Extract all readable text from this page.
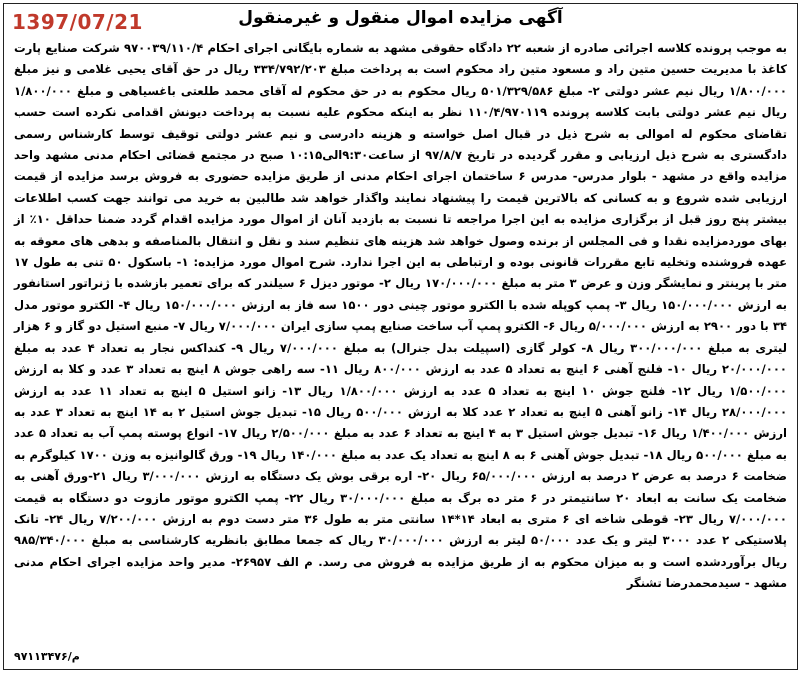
1397/07/21	آگهی مزایده اموال منقول و غیرمنقول

به موجب پرونده کلاسه اجرائی صادره از شعبه ۲۲ دادگاه حقوقی مشهد به شماره بایگانی اجرای احکام ۹۷۰۰۳۹/۱۱۰/۴ شرکت صنایع پارت کاغذ با مدیریت حسین متین راد و مسعود متین راد محکوم است به پرداخت مبلغ ۳۳۴/۷۹۲/۲۰۳ ریال در حق آقای یحیی غلامی و نیز مبلغ ۱/۸۰۰/۰۰۰ ریال نیم عشر دولتی ۲- مبلغ ۵۰۱/۳۲۹/۵۸۶ ریال محکوم به در حق محکوم له آقای محمد طلعتی باغسیاهی و مبلغ ۱/۸۰۰/۰۰۰ ریال نیم عشر دولتی بابت کلاسه پرونده ۱۱۰/۴/۹۷۰۱۱۹ نظر به اینکه محکوم علیه نسبت به پرداخت دیونش اقدامی نکرده است حسب تقاضای محکوم له اموالی به شرح ذیل در قبال اصل خواسته و هزینه دادرسی و نیم عشر دولتی توقیف توسط کارشناس رسمی دادگستری به شرح ذیل ارزیابی و مقرر گردیده در تاریخ ۹۷/۸/۷ از ساعت۹:۳۰الی۱۰:۱۵ صبح در مجتمع قضائی احکام مدنی مشهد واحد مزایده واقع در مشهد - بلوار مدرس- مدرس ۶ ساختمان اجرای احکام مدنی از طریق مزایده حضوری به فروش برسد مزایده از قیمت ارزیابی شده شروع و به کسانی که بالاترین قیمت را پیشنهاد نمایند واگذار خواهد شد طالبین به خرید می توانند جهت کسب اطلاعات بیشتر پنج روز قبل از برگزاری مزایده به این اجرا مراجعه تا نسبت به بازدید آنان از اموال مورد مزایده اقدام گردد ضمنا حداقل ۱۰٪ از بهای موردمزایده نقدا و فی المجلس از برنده وصول خواهد شد هزینه های تنظیم سند و نقل و انتقال بالمناصفه و بدهی های معوقه به عهده فروشنده وتخلیه تابع مقررات قانونی بوده و ارتباطی به این اجرا ندارد. شرح اموال مورد مزایده: ۱- باسکول ۵۰ تنی به طول ۱۷ متر با پرینتر و نمایشگر وزن و عرض ۳ متر به مبلغ ۱۷۰/۰۰۰/۰۰۰ ریال ۲- موتور دیزل ۶ سیلندر که برای تعمیر بازشده با ژنراتور استانفور به ارزش ۱۵۰/۰۰۰/۰۰۰ ریال ۳- پمپ کوپله شده با الکترو موتور چینی دور ۱۵۰۰ سه فاز به ارزش ۱۵۰/۰۰۰/۰۰۰ ریال ۴- الکترو موتور مدل ۳۴ با دور ۲۹۰۰ به ارزش ۵/۰۰۰/۰۰۰ ریال ۶- الکترو پمپ آب ساخت صنایع پمپ سازی ایران ۷/۰۰۰/۰۰۰ ریال ۷- منبع استیل دو گاز و ۶ هزار لیتری به مبلغ ۳۰۰/۰۰۰/۰۰۰ ریال ۸- کولر گازی (اسپیلت بدل جنرال) به مبلغ ۷/۰۰۰/۰۰۰ ریال ۹- کنداکس نجار به تعداد ۴ عدد به مبلغ ۲۰/۰۰۰/۰۰۰ ریال ۱۰- فلنج آهنی ۶ اینچ به تعداد ۵ عدد به ارزش ۸۰۰/۰۰۰ ریال ۱۱- سه راهی جوش ۸ اینچ به تعداد ۳ عدد و کلا به ارزش ۱/۵۰۰/۰۰۰ ریال ۱۲- فلنج جوش ۱۰ اینچ به تعداد ۵ عدد به ارزش ۱/۸۰۰/۰۰۰ ریال ۱۳- زانو استیل ۵ اینچ به تعداد ۱۱ عدد به ارزش ۲۸/۰۰۰/۰۰۰ ریال ۱۴- زانو آهنی ۵ اینچ به تعداد ۲ عدد کلا به ارزش ۵۰۰/۰۰۰ ریال ۱۵- تبدیل جوش استیل ۲ به ۱۴ اینچ به تعداد ۳ عدد به ارزش ۱/۴۰۰/۰۰۰ ریال ۱۶- تبدیل جوش استیل ۳ به ۴ اینچ به تعداد ۶ عدد به مبلغ ۲/۵۰۰/۰۰۰ ریال ۱۷- انواع پوسته پمپ آب به تعداد ۵ عدد به مبلغ ۵۰۰/۰۰۰ ریال ۱۸- تبدیل جوش آهنی ۶ به ۸ اینچ به تعداد یک عدد به مبلغ ۱۴۰/۰۰۰ ریال ۱۹- ورق گالوانیزه به وزن ۱۷۰۰ کیلوگرم به ضخامت ۶ درصد به عرض ۲ درصد به ارزش ۶۵/۰۰۰/۰۰۰ ریال ۲۰- اره برقی بوش یک دستگاه به ارزش ۳/۰۰۰/۰۰۰ ریال ۲۱-ورق آهنی به ضخامت یک سانت به ابعاد ۲۰ سانتیمتر در ۶ متر ده برگ به مبلغ ۳۰/۰۰۰/۰۰۰ ریال ۲۲- پمپ الکترو موتور مازوت دو دستگاه به قیمت ۷/۰۰۰/۰۰۰ ریال ۲۳- قوطی شاخه ای ۶ متری به ابعاد ۱۴*۱۴ سانتی متر به طول ۳۶ متر دست دوم به ارزش ۷/۲۰۰/۰۰۰ ریال ۲۴- تانک پلاستیکی ۲ عدد ۳۰۰۰ لیتر و یک عدد ۵۰/۰۰۰ لیتر به ارزش ۳۰/۰۰۰/۰۰۰ ریال که جمعا مطابق بانظریه کارشناسی به مبلغ ۹۸۵/۳۴۰/۰۰۰ ریال برآوردشده است و به میزان محکوم به از طریق مزایده به فروش می رسد. م الف ۲۶۹۵۷- مدیر واحد مزایده اجرای احکام مدنی مشهد - سیدمحمدرضا تشنگر

م/۹۷۱۱۳۴۷۶
